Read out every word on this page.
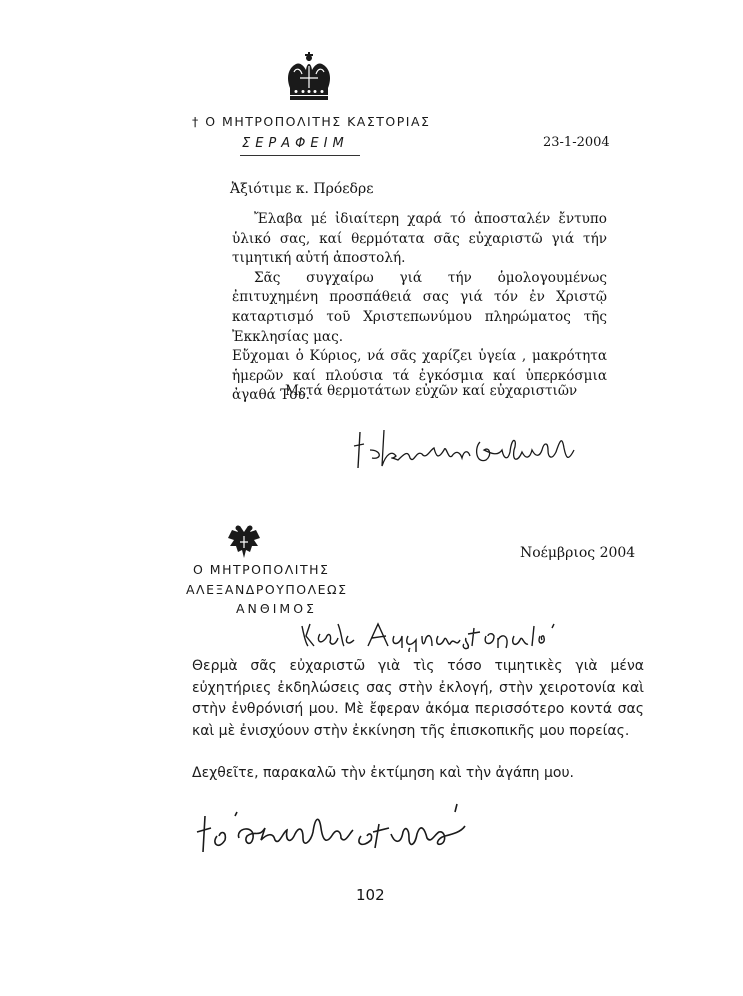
† Ο ΜΗΤΡΟΠΟΛΙΤΗΣ ΚΑΣΤΟΡΙΑΣ
ΣΕΡΑΦΕΙΜ	23-1-2004
Ἀξιότιμε κ. Πρόεδρε

Ἔλαβα μέ ἰδιαίτερη χαρά τό ἀποσταλέν ἔντυπο ὑλικό σας, καί θερμότατα σᾶς εὐχαριστῶ γιά τήν τιμητική αὐτή ἀποστολή.

Σᾶς συγχαίρω γιά τήν ὁμολογουμένως ἐπιτυχημένη προσπάθειά σας γιά τόν ἐν Χριστῷ καταρτισμό τοῦ Χριστεπωνύμου πληρώματος τῆς Ἐκκλησίας μας.

Εὔχομαι ὁ Κύριος, νά σᾶς χαρίζει ὑγεία , μακρότητα ἡμερῶν καί πλούσια τά ἐγκόσμια καί ὑπερκόσμια ἀγαθά Του.

Μετά θερμοτάτων εὐχῶν καί εὐχαριστιῶν
Ο ΜΗΤΡΟΠΟΛΙΤΗΣ
ΑΛΕΞΑΝΔΡΟΥΠΟΛΕΩΣ
ΑΝΘΙΜΟΣ
Νοέμβριος 2004

Θερμὰ σᾶς εὐχαριστῶ γιὰ τὶς τόσο τιμητικὲς γιὰ μένα εὐχητήριες ἐκδηλώσεις σας στὴν ἐκλογή, στὴν χειροτονία καὶ στὴν ἐνθρόνισή μου. Μὲ ἔφεραν ἀκόμα περισσότερο κοντά σας καὶ μὲ ἐνισχύουν στὴν ἐκκίνηση τῆς ἐπισκοπικῆς μου πορείας.

Δεχθεῖτε, παρακαλῶ τὴν ἐκτίμηση καὶ τὴν ἀγάπη μου.
102
